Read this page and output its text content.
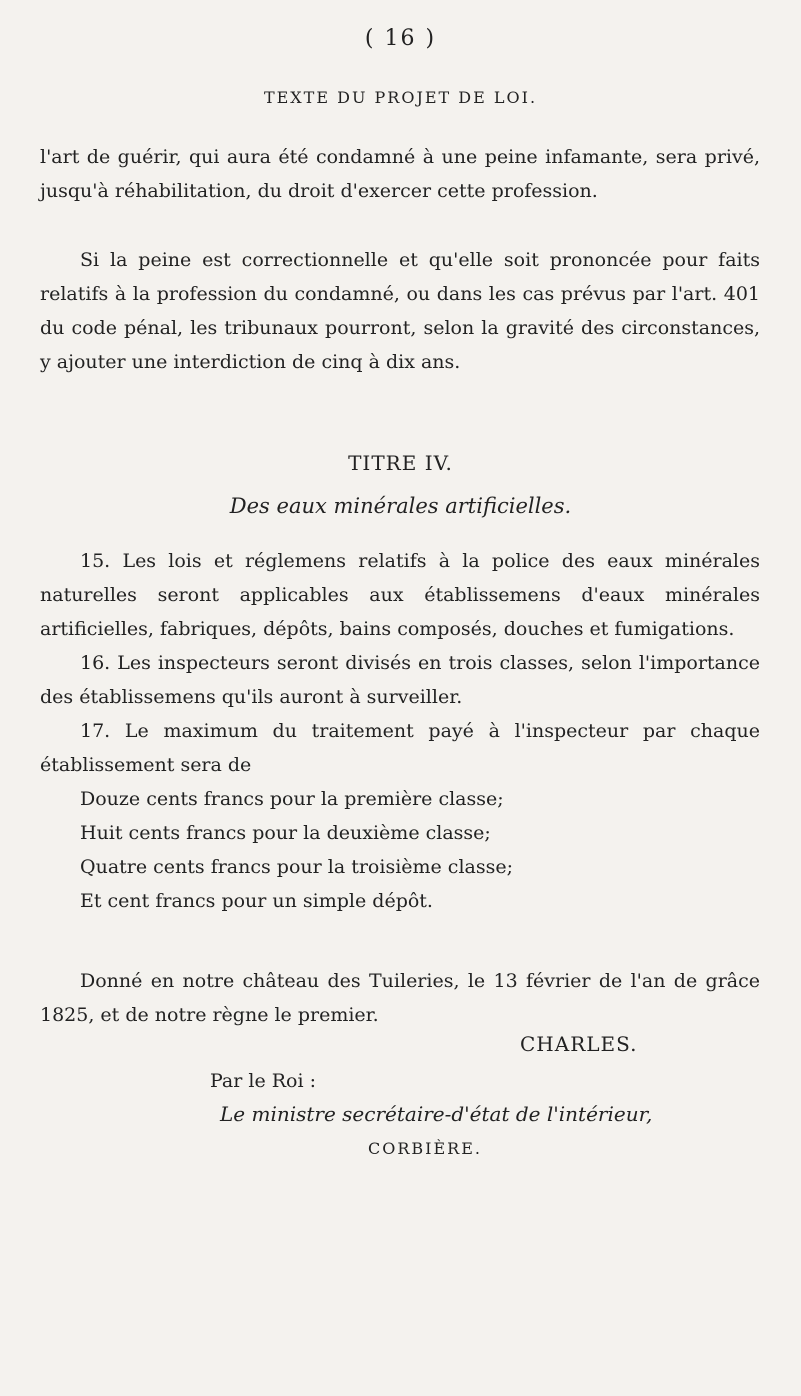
( 16 )
TEXTE DU PROJET DE LOI.

l'art de guérir, qui aura été condamné à une peine infamante, sera privé, jusqu'à réhabilitation, du droit d'exercer cette profession.

Si la peine est correctionnelle et qu'elle soit prononcée pour faits relatifs à la profession du condamné, ou dans les cas prévus par l'art. 401 du code pénal, les tribunaux pourront, selon la gravité des circonstances, y ajouter une interdiction de cinq à dix ans.

TITRE IV.
Des eaux minérales artificielles.

15. Les lois et réglemens relatifs à la police des eaux minérales naturelles seront applicables aux établissemens d'eaux minérales artificielles, fabriques, dépôts, bains composés, douches et fumigations.

16. Les inspecteurs seront divisés en trois classes, selon l'importance des établissemens qu'ils auront à surveiller.

17. Le maximum du traitement payé à l'inspecteur par chaque établissement sera de

Douze cents francs pour la première classe;

Huit cents francs pour la deuxième classe;

Quatre cents francs pour la troisième classe;

Et cent francs pour un simple dépôt.

Donné en notre château des Tuileries, le 13 février de l'an de grâce 1825, et de notre règne le premier.

CHARLES.
Par le Roi :
Le ministre secrétaire-d'état de l'intérieur,
CORBIÈRE.
